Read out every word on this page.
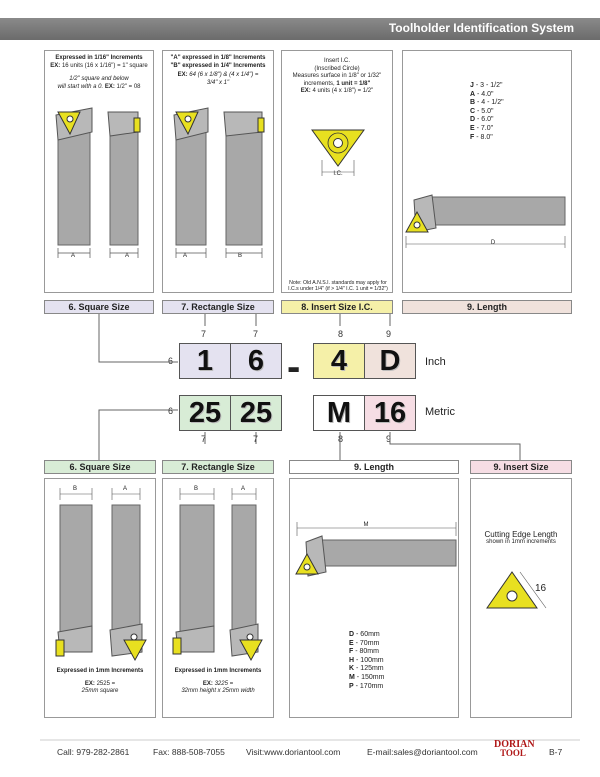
Toolholder Identification System
Expressed in 1/16" Increments
EX: 16 units (16 x 1/16") = 1" square
1/2" square and below
will start with a 0. EX: 1/2" = 08
"A" expressed in 1/8" Increments
"B" expressed in 1/4" Increments
EX: 64 (6 x 1/8") & (4 x 1/4") =
3/4" x 1"
Insert I.C.
(Inscribed Circle)
Measures surface in 1/8" or 1/32"
increments, 1 unit = 1/8"
EX: 4 units (4 x 1/8") = 1/2"
I.C.
Note: Old A.N.S.I. standards may apply for
I.C.s under 1/4" (if > 1/4" I.C. 1 unit = 1/32")
J - 3 - 1/2"
A - 4.0"
B - 4 - 1/2"
C - 5.0"
D - 6.0"
E - 7.0"
F - 8.0"
A	A	A	B
D
6. Square Size	7. Rectangle Size	8. Insert Size I.C.	9. Length
1	6 -	4	D	Inch
25 25	M 16	Metric
6
7	7	8	9
6
7	7	8	9
6. Square Size	7. Rectangle Size	9. Length	9. Insert Size
B	A	B	A
M
Expressed in 1mm Increments
EX: 2525 =
25mm square
Expressed in 1mm Increments
EX: 3225 =
32mm height x 25mm width
D - 60mm
E - 70mm
F - 80mm
H - 100mm
K - 125mm
M - 150mm
P - 170mm
Cutting Edge Length
shown in 1mm increments
16
Call: 979-282-2861	Fax: 888-508-7055 Visit:www.doriantool.com	E-mail:sales@doriantool.com
DORIAN
TOOL	B-7
